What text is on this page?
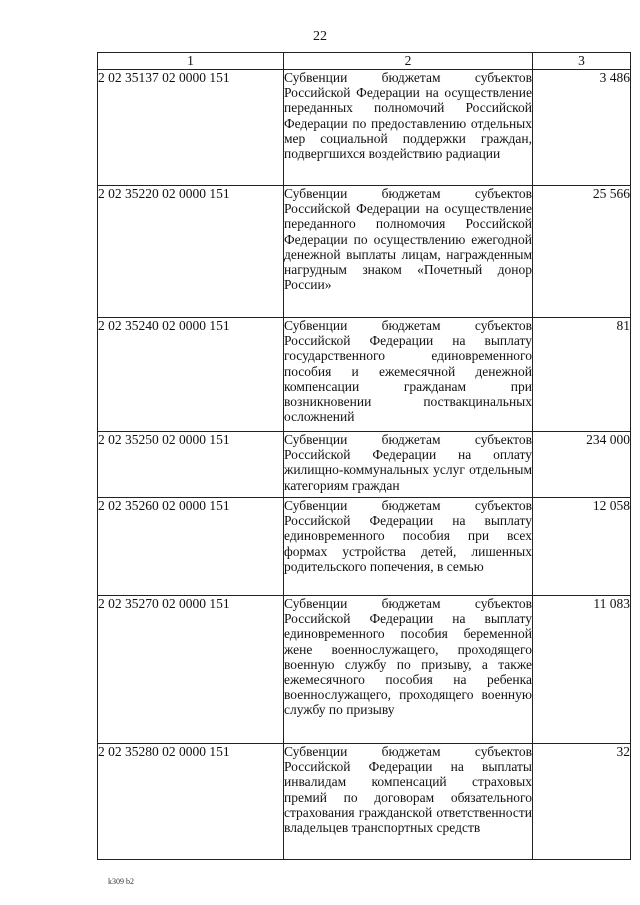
22
1	2	3
2 02 35137 02 0000 151	Субвенции бюджетам субъектов Российской Федерации на осуществление переданных полномочий Российской Федерации по предоставлению отдельных мер социальной поддержки граждан, подвергшихся воздействию радиации	3 486
2 02 35220 02 0000 151	Субвенции бюджетам субъектов Российской Федерации на осуществление переданного полномочия Российской Федерации по осуществлению ежегодной денежной выплаты лицам, награжденным нагрудным знаком «Почетный донор России»	25 566
2 02 35240 02 0000 151	Субвенции бюджетам субъектов Российской Федерации на выплату государственного единовременного пособия и ежемесячной денежной компенсации гражданам при возникновении поствакцинальных осложнений	81
2 02 35250 02 0000 151	Субвенции бюджетам субъектов Российской Федерации на оплату жилищно-коммунальных услуг отдельным категориям граждан	234 000
2 02 35260 02 0000 151	Субвенции бюджетам субъектов Российской Федерации на выплату единовременного пособия при всех формах устройства детей, лишенных родительского попечения, в семью	12 058
2 02 35270 02 0000 151	Субвенции бюджетам субъектов Российской Федерации на выплату единовременного пособия беременной жене военнослужащего, проходящего военную службу по призыву, а также ежемесячного пособия на ребенка военнослужащего, проходящего военную службу по призыву	11 083
2 02 35280 02 0000 151	Субвенции бюджетам субъектов Российской Федерации на выплаты инвалидам компенсаций страховых премий по договорам обязательного страхования гражданской ответственности владельцев транспортных средств	32
k309 b2
